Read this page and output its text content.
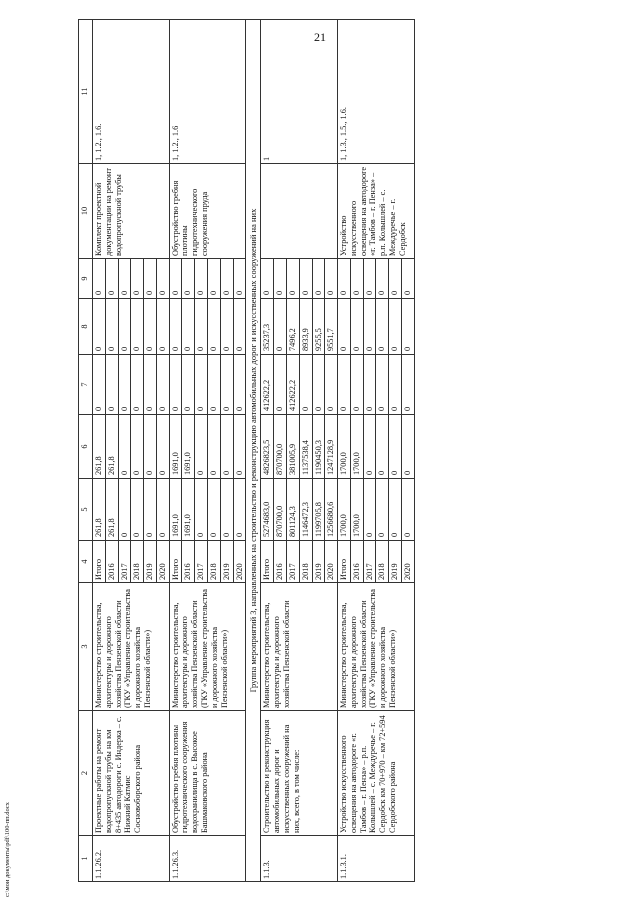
21
1	2	3	4	5	6	7	8	9	10	11
1.1.26.2.	Проектные работы на ремонт водопропускной трубы на км 8+435 автодороги с. Индерка – с. Нижний Катмис Сосновоборского района	Министерство строительства, архитектуры и дорожного хозяйства Пензенской области (ГКУ «Управление строительства и дорожного хозяйства Пензенской области»)	Итого	261,8	261,8	0	0	0	Комплект проектной документации на ремонт водопропускной трубы	1, 1.2., 1.6.
			2016	261,8	261,8	0	0	0		
			2017	0	0	0	0	0		
			2018	0	0	0	0	0		
			2019	0	0	0	0	0		
			2020	0	0	0	0	0		
1.1.26.3.	Обустройство гребня плотины гидротехнического сооружения водохранилища в с. Высокое Башмаковского района	Министерство строительства, архитектуры и дорожного хозяйства Пензенской области (ГКУ «Управление строительства и дорожного хозяйства Пензенской области»)	Итого	1691,0	1691,0	0	0	0	Обустройство гребня плотины гидротехнического сооружения пруда	1, 1.2., 1.6
			2016	1691,0	1691,0	0	0	0		
			2017	0	0	0	0	0		
			2018	0	0	0	0	0		
			2019	0	0	0	0	0		
			2020	0	0	0	0	0		
Группа мероприятий 3, направленных на строительство и реконструкцию автомобильных дорог и искусственных сооружений на них										
1.1.3.	Строительство и реконструкция автомобильных дорог и искусственных сооружений на них, всего, в том числе:	Министерство строительства, архитектуры и дорожного хозяйства Пензенской области	Итого	5274683,0	4826823,5	412622,2	35237,3	0		1
			2016	870700,0	870700,0	0	0	0		
			2017	801124,3	381005,9	412622,2	7496,2	0		
			2018	1146472,3	1137538,4	0	8933,9	0		
			2019	1199705,8	1190450,3	0	9255,5	0		
			2020	1256680,6	1247128,9	0	9551,7	0		
1.1.3.1.	Устройство искусственного освещения на автодороге «г. Тамбов – г. Пенза» – р.п. Колышлей – с. Междуречье – г. Сердобск км 70+970 – км 72+594 Сердобского района	Министерство строительства, архитектуры и дорожного хозяйства Пензенской области (ГКУ «Управление строительства и дорожного хозяйства Пензенской области»)	Итого	1700,0	1700,0	0	0	0	Устройство искусственного освещения на автодороге «г. Тамбов – г. Пенза» – р.п. Колышлей – с. Междуречье – г. Сердобск	1, 1.3., 1.5., 1.6.
			2016	1700,0	1700,0	0	0	0		
			2017	0	0	0	0	0		
			2018	0	0	0	0	0		
			2019	0	0	0	0	0		
			2020	0	0	0	0	0		
c:\мои документы\pdf\100-пп.docx
